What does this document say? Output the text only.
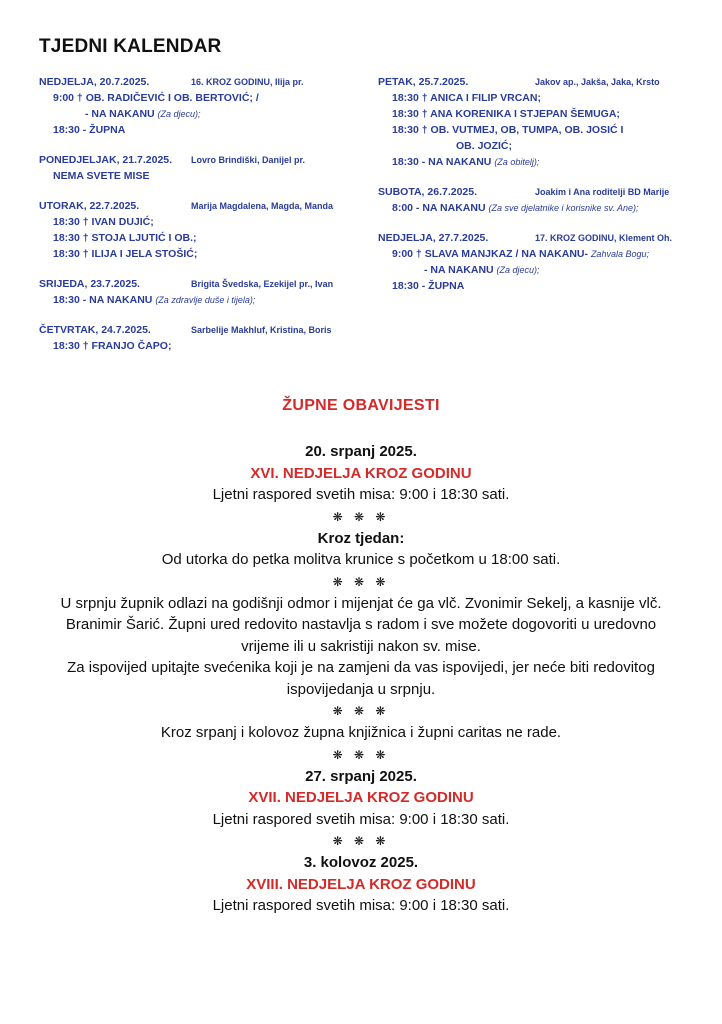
TJEDNI KALENDAR
NEDJELJA, 20.7.2025.	16. KROZ GODINU, Ilija pr.
9:00 † OB. RADIČEVIĆ I OB. BERTOVIĆ; /
- NA NAKANU (Za djecu);
18:30 - ŽUPNA
PONEDJELJAK, 21.7.2025. Lovro Brindiški, Danijel pr.
NEMA SVETE MISE
UTORAK, 22.7.2025.	Marija Magdalena, Magda, Manda
18:30 † IVAN DUJIĆ;
18:30 † STOJA LJUTIĆ I OB.;
18:30 † ILIJA I JELA STOŠIĆ;
SRIJEDA, 23.7.2025.	Brigita Švedska, Ezekijel pr., Ivan
18:30 - NA NAKANU (Za zdravlje duše i tijela);
ČETVRTAK, 24.7.2025.	Sarbelije Makhluf, Kristina, Boris
18:30 † FRANJO ČAPO;
PETAK, 25.7.2025.	Jakov ap., Jakša, Jaka, Krsto
18:30 † ANICA I FILIP VRCAN;
18:30 † ANA KORENIKA I STJEPAN ŠEMUGA;
18:30 † OB. VUTMEJ, OB, TUMPA, OB. JOSIĆ I
OB. JOZIĆ;
18:30 - NA NAKANU (Za obitelj);
SUBOTA, 26.7.2025.	Joakim i Ana roditelji BD Marije
8:00 - NA NAKANU (Za sve djelatnike i korisnike sv. Ane);
NEDJELJA, 27.7.2025.	17. KROZ GODINU, Klement Oh.
9:00 † SLAVA MANJKAZ / NA NAKANU- Zahvala Bogu;
- NA NAKANU (Za djecu);
18:30 - ŽUPNA
ŽUPNE OBAVIJESTI
20. srpanj 2025.
XVI. NEDJELJA KROZ GODINU
Ljetni raspored svetih misa: 9:00 i 18:30 sati.
❋ ❋ ❋
Kroz tjedan:
Od utorka do petka molitva krunice s početkom u 18:00 sati.
❋ ❋ ❋
U srpnju župnik odlazi na godišnji odmor i mijenjat će ga vlč. Zvonimir Sekelj, a kasnije vlč. Branimir Šarić. Župni ured redovito nastavlja s radom i sve možete dogovoriti u uredovno vrijeme ili u sakristiji nakon sv. mise.
Za ispovijed upitajte svećenika koji je na zamjeni da vas ispovijedi, jer neće biti redovitog ispovijedanja u srpnju.
❋ ❋ ❋
Kroz srpanj i kolovoz župna knjižnica i župni caritas ne rade.
❋ ❋ ❋
27. srpanj 2025.
XVII. NEDJELJA KROZ GODINU
Ljetni raspored svetih misa: 9:00 i 18:30 sati.
❋ ❋ ❋
3. kolovoz 2025.
XVIII. NEDJELJA KROZ GODINU
Ljetni raspored svetih misa: 9:00 i 18:30 sati.
